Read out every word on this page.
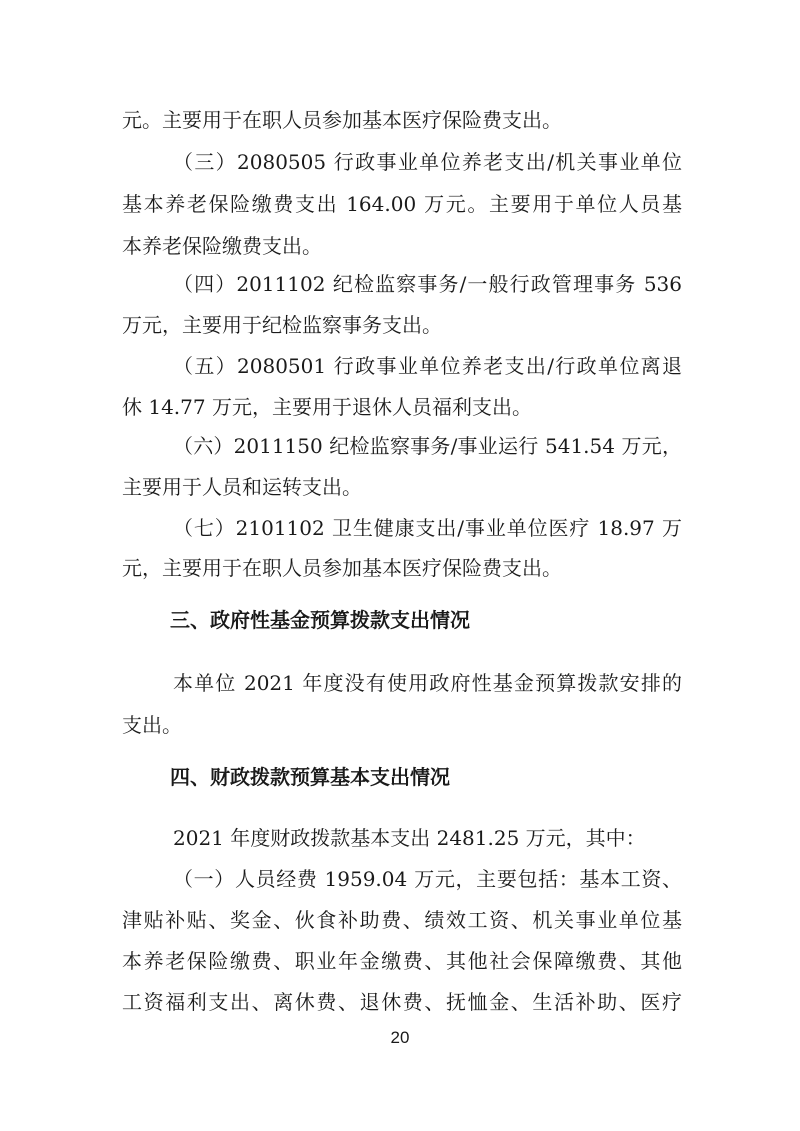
元。主要用于在职人员参加基本医疗保险费支出。
（三）2080505 行政事业单位养老支出/机关事业单位
基本养老保险缴费支出 164.00 万元。主要用于单位人员基
本养老保险缴费支出。
（四）2011102 纪检监察事务/一般行政管理事务 536
万元，主要用于纪检监察事务支出。
（五）2080501 行政事业单位养老支出/行政单位离退
休 14.77 万元，主要用于退休人员福利支出。
（六）2011150 纪检监察事务/事业运行 541.54 万元，
主要用于人员和运转支出。
（七）2101102 卫生健康支出/事业单位医疗 18.97 万
元，主要用于在职人员参加基本医疗保险费支出。
三、政府性基金预算拨款支出情况
本单位 2021 年度没有使用政府性基金预算拨款安排的
支出。
四、财政拨款预算基本支出情况
2021 年度财政拨款基本支出 2481.25 万元，其中：
（一）人员经费 1959.04 万元，主要包括：基本工资、
津贴补贴、奖金、伙食补助费、绩效工资、机关事业单位基
本养老保险缴费、职业年金缴费、其他社会保障缴费、其他
工资福利支出、离休费、退休费、抚恤金、生活补助、医疗
20
